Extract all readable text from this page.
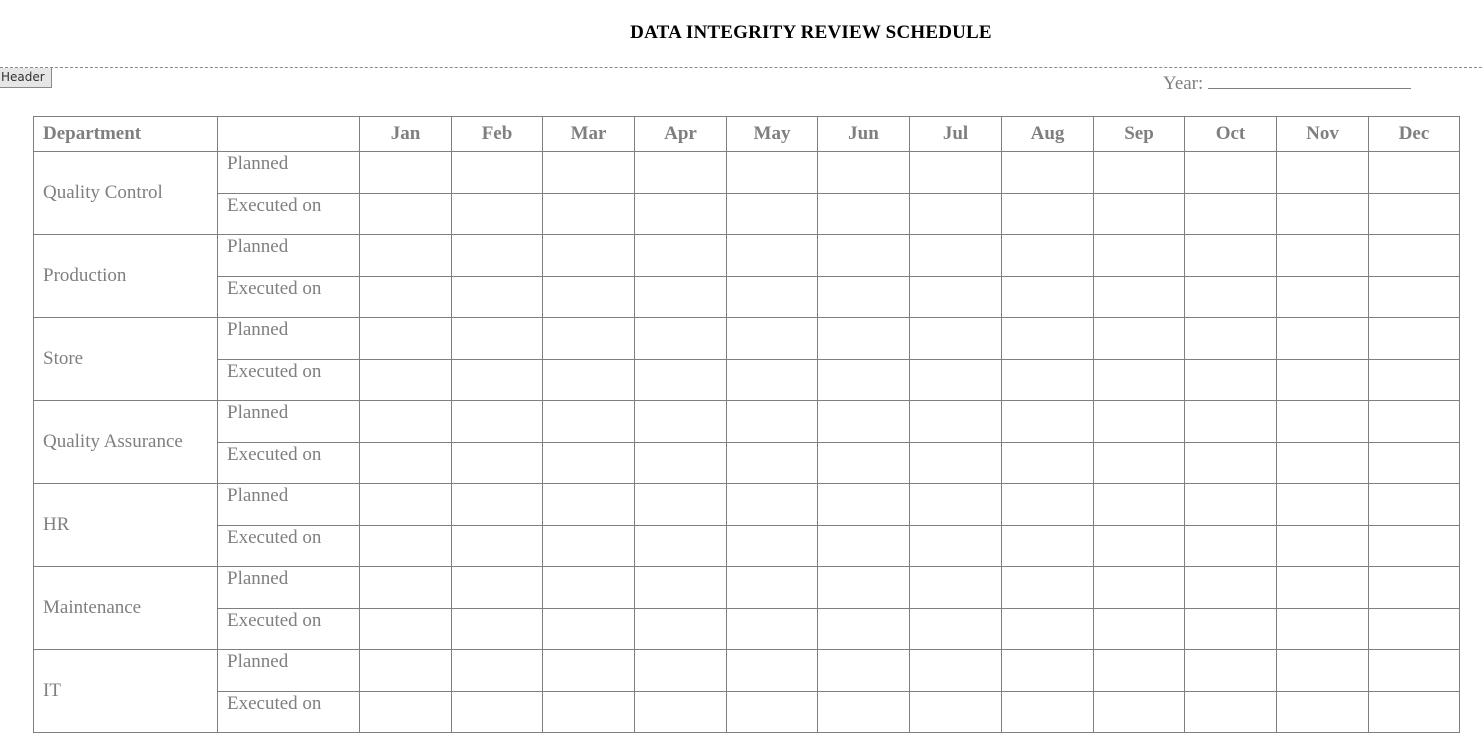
DATA INTEGRITY REVIEW SCHEDULE
Header	Year:
Department		Jan	Feb	Mar	Apr	May	Jun	Jul	Aug	Sep	Oct	Nov	Dec
Quality Control	Planned												
	Executed on												
Production	Planned												
	Executed on												
Store	Planned												
	Executed on												
Quality Assurance	Planned												
	Executed on												
HR	Planned												
	Executed on												
Maintenance	Planned												
	Executed on												
IT	Planned												
	Executed on												
